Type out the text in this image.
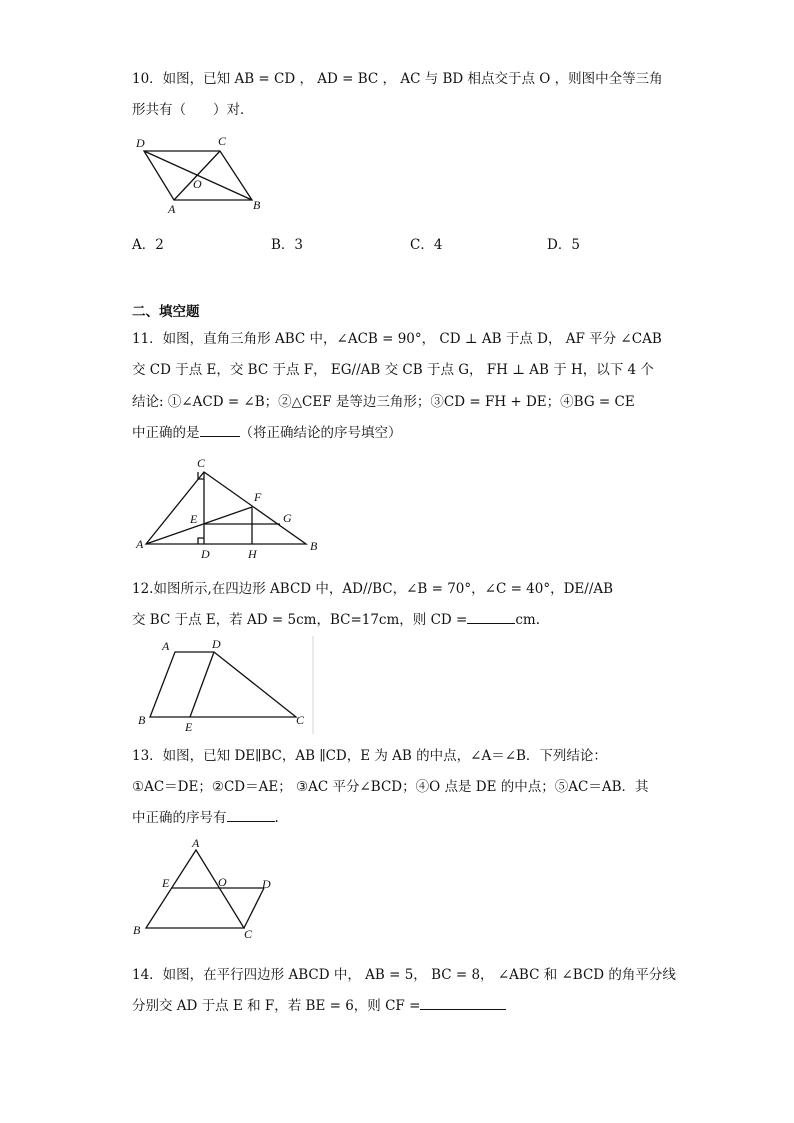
10．如图，已知 AB = CD ， AD = BC ， AC 与 BD 相点交于点 O ，则图中全等三角
形共有（　　）对．
D	C
O
A	B
A．2	B．3	C．4	D．5
二、填空题
11．如图，直角三角形 ABC 中，∠ACB = 90°， CD ⊥ AB 于点 D， AF 平分 ∠CAB
交 CD 于点 E，交 BC 于点 F， EG//AB 交 CB 于点 G， FH ⊥ AB 于 H，以下 4 个
结论: ①∠ACD = ∠B；②△CEF 是等边三角形；③CD = FH + DE；④BG = CE
中正确的是	（将正确结论的序号填空）
C
F
E	G
A
D	H
B
12.如图所示,在四边形 ABCD 中，AD//BC，∠B = 70°，∠C = 40°，DE//AB
交 BC 于点 E，若 AD = 5cm，BC=17cm，则 CD =	cm.
A	D
B	E	C
13．如图，已知 DE∥BC，AB ∥CD，E 为 AB 的中点，∠A＝∠B．下列结论：
①AC＝DE；②CD＝AE； ③AC 平分∠BCD；④O 点是 DE 的中点；⑤AC＝AB．其
中正确的序号有	.
A
E	O	D
B	C
14．如图，在平行四边形 ABCD 中， AB = 5， BC = 8， ∠ABC 和 ∠BCD 的角平分线
分别交 AD 于点 E 和 F，若 BE = 6，则 CF =
